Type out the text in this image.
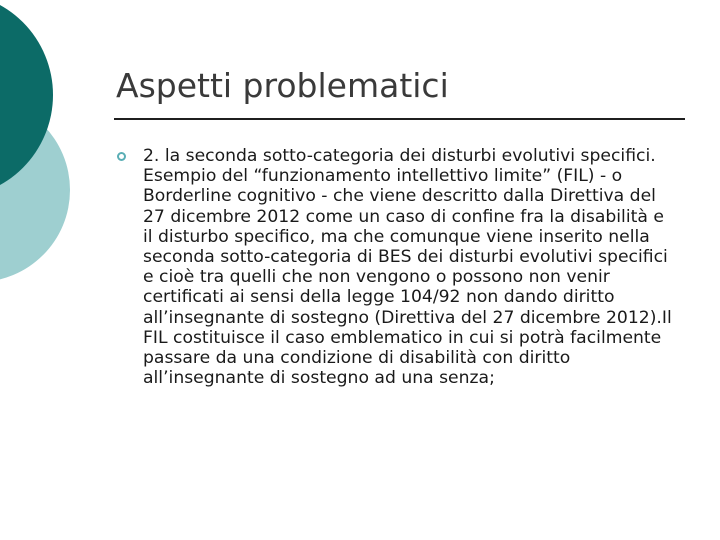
Aspetti problematici

2. la seconda sotto-categoria dei disturbi evolutivi specifici. Esempio del “funzionamento intellettivo limite” (FIL) - o Borderline cognitivo - che viene descritto dalla Direttiva del 27 dicembre 2012 come un caso di confine fra la disabilità e il disturbo specifico, ma che comunque viene inserito nella seconda sotto-categoria di BES dei disturbi evolutivi specifici e cioè tra quelli che non vengono o possono non venir certificati ai sensi della legge 104/92 non dando diritto all’insegnante di sostegno (Direttiva del 27 dicembre 2012).Il FIL costituisce il caso emblematico in cui si potrà facilmente passare da una condizione di disabilità con diritto all’insegnante di sostegno ad una senza;
